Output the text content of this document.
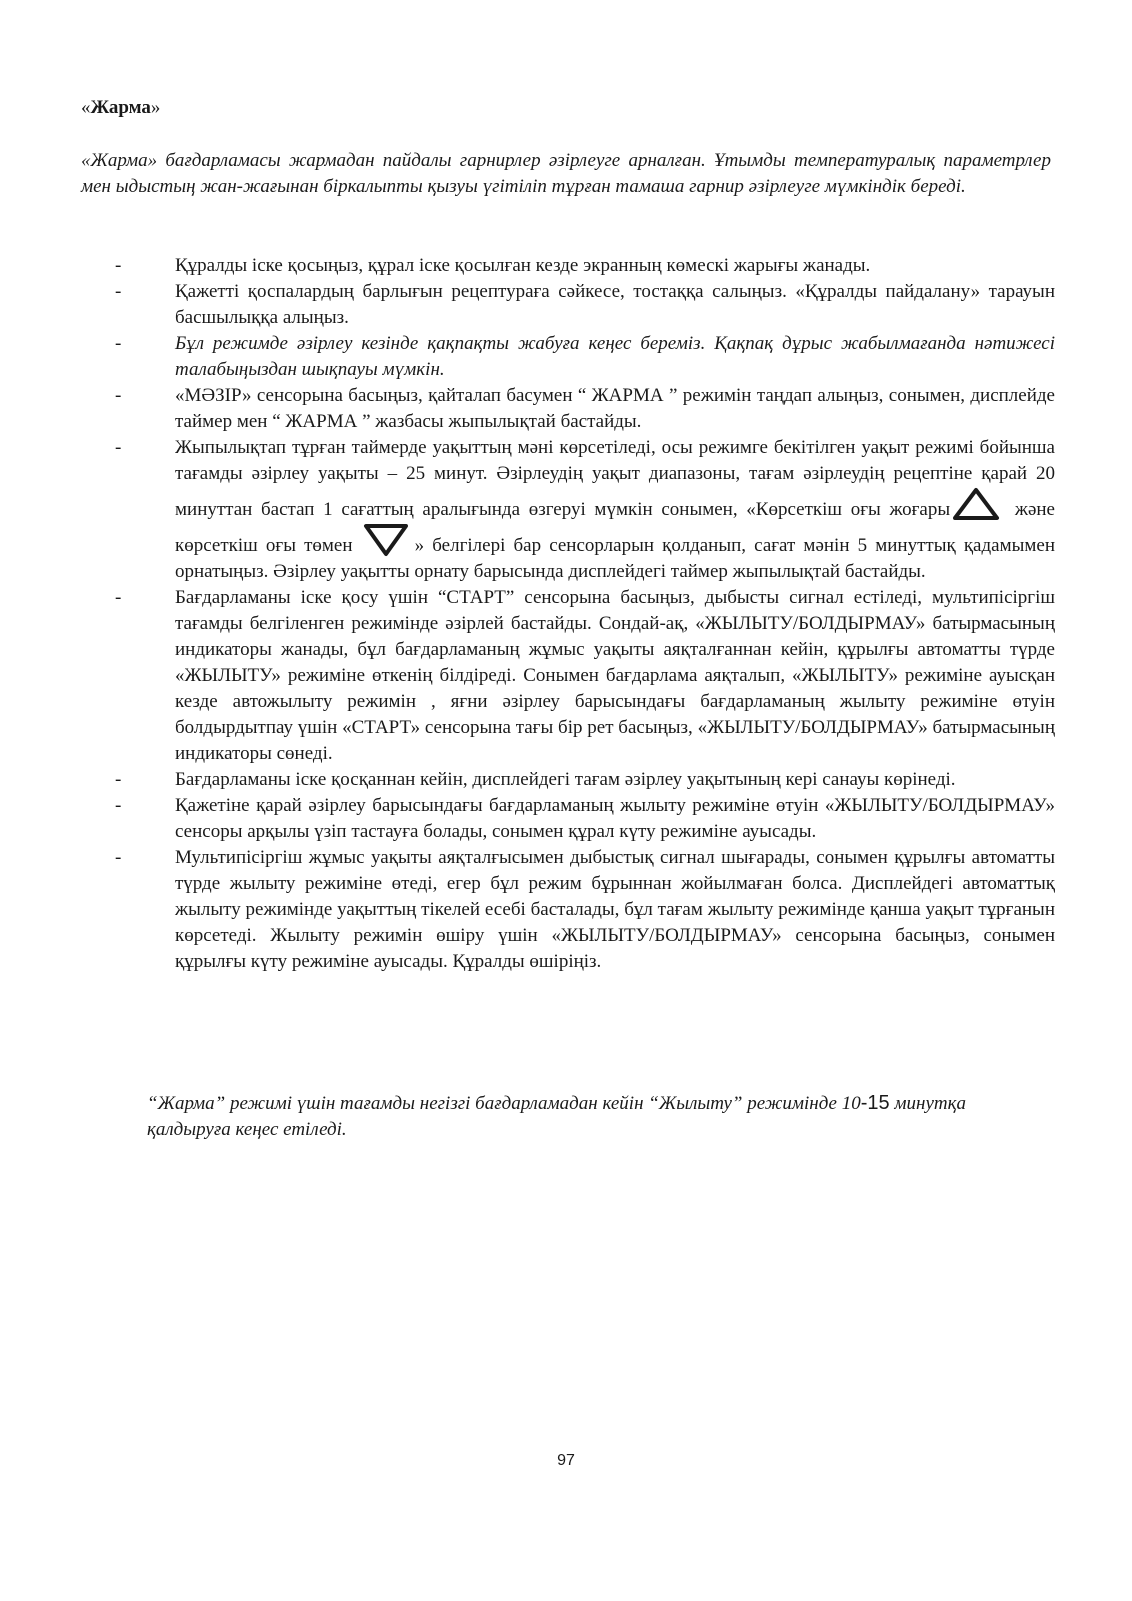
«Жарма»

«Жарма» бағдарламасы жармадан пайдалы гарнирлер әзірлеуге арналған. Ұтымды температуралық параметрлер мен ыдыстың жан-жағынан біркалыпты қызуы үгітіліп тұрған тамаша гарнир әзірлеуге мүмкіндік береді.

-	Құралды іске қосыңыз, құрал іске қосылған кезде экранның көмескі жарығы жанады.
-	Қажетті қоспалардың барлығын рецептураға сәйкесе, тостаққа салыңыз. «Құралды пайдалану» тарауын басшылыққа алыңыз.
-	Бұл режимде әзірлеу кезінде қақпақты жабуға кеңес береміз. Қақпақ дұрыс жабылмағанда нәтижесі талабыңыздан шықпауы мүмкін.
-	«МӘЗІР» сенсорына басыңыз, қайталап басумен “ ЖАРМА ” режимін таңдап алыңыз, сонымен, дисплейде таймер мен “ ЖАРМА ” жазбасы жыпылықтай бастайды.
-	Жыпылықтап тұрған таймерде уақыттың мәні көрсетіледі, осы режимге бекітілген уақыт режимі бойынша тағамды әзірлеу уақыты – 25 минут. Әзірлеудің уақыт диапазоны, тағам әзірлеудің рецептіне қарай 20 минуттан бастап 1 сағаттың аралығында өзгеруі мүмкін сонымен, «Көрсеткіш оғы жоғары	және көрсеткіш оғы төмен	» белгілері бар сенсорларын қолданып, сағат мәнін 5 минуттық қадамымен орнатыңыз. Әзірлеу уақытты орнату барысында дисплейдегі таймер жыпылықтай бастайды.
-	Бағдарламаны іске қосу үшін “СТАРТ” сенсорына басыңыз, дыбысты сигнал естіледі, мультипісіргіш тағамды белгіленген режимінде әзірлей бастайды. Сондай-ақ, «ЖЫЛЫТУ/БОЛДЫРМАУ» батырмасының индикаторы жанады, бұл бағдарламаның жұмыс уақыты аяқталғаннан кейін, құрылғы автоматты түрде «ЖЫЛЫТУ» режиміне өткенің білдіреді. Сонымен бағдарлама аяқталып, «ЖЫЛЫТУ» режиміне ауысқан кезде автожылыту режимін , яғни әзірлеу барысындағы бағдарламаның жылыту режиміне өтуін болдырдытпау үшін «СТАРТ» сенсорына тағы бір рет басыңыз, «ЖЫЛЫТУ/БОЛДЫРМАУ» батырмасының индикаторы сөнеді.
-	Бағдарламаны іске қосқаннан кейін, дисплейдегі тағам әзірлеу уақытының кері санауы көрінеді.
-	Қажетіне қарай әзірлеу барысындағы бағдарламаның жылыту режиміне өтуін «ЖЫЛЫТУ/БОЛДЫРМАУ» сенсоры арқылы үзіп тастауға болады, сонымен құрал күту режиміне ауысады.
-	Мультипісіргіш жұмыс уақыты аяқталғысымен дыбыстық сигнал шығарады, сонымен құрылғы автоматты түрде жылыту режиміне өтеді, егер бұл режим бұрыннан жойылмаған болса. Дисплейдегі автоматтық жылыту режимінде уақыттың тікелей есебі басталады, бұл тағам жылыту режимінде қанша уақыт тұрғанын көрсетеді. Жылыту режимін өшіру үшін «ЖЫЛЫТУ/БОЛДЫРМАУ» сенсорына басыңыз, сонымен құрылғы күту режиміне ауысады. Құралды өшіріңіз.

“Жарма” режимі үшін тағамды негізгі бағдарламадан кейін “Жылыту” режимінде 10-15 минутқа қалдыруға кеңес етіледі.

97
